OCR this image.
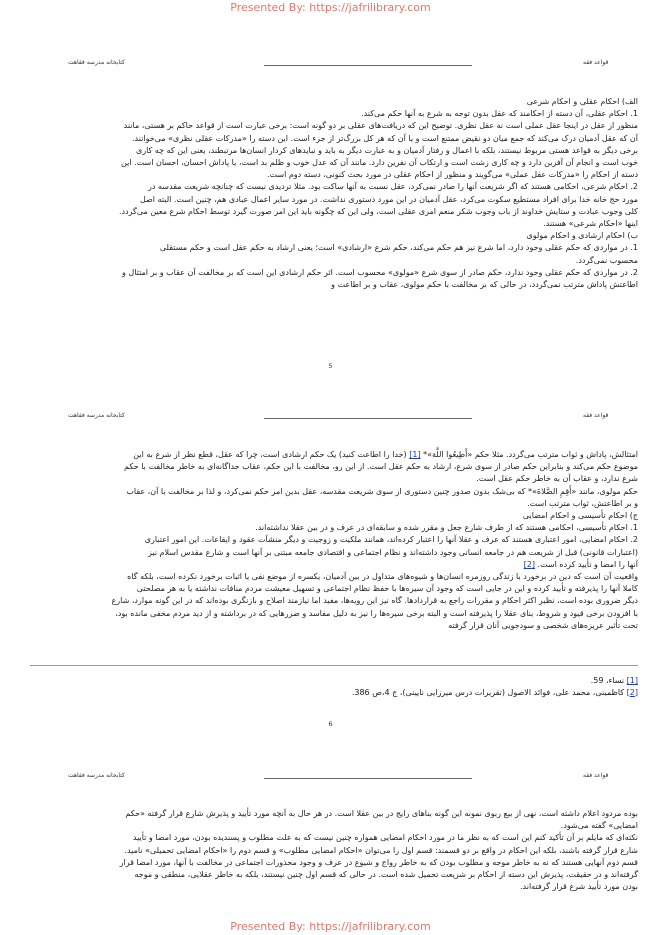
Presented By: https://jafrilibrary.com
کتابخانه مدرسه فقاهت	قواعد فقه

الف) احکام عقلی و احکام شرعی

1. احکام عقلی، آن دسته از احکامند که عقل بدون توجه به شرع به آنها حکم می‌کند.

منظور از عقل در اینجا عقل عملی است نه عقل نظری. توضیح این که دریافت‌های عقلی بر دو گونه است: برخی عبارت است از قواعد حاکم بر هستی، مانند

آن که عقل آدمیان درک می‌کند که جمع میان دو نقیض ممتنع است و یا آن که هر کل بزرگ‌تر از جزء است. این دسته را «مدرکات عقلی نظری» می‌خوانند.

برخی دیگر به قواعد هستی مربوط نیستند، بلکه با اعمال و رفتار آدمیان و به عبارت دیگر به باید و نبایدهای کردار انسان‌ها مرتبطند، یعنی این که چه کاری

خوب است و انجام آن آفرین دارد و چه کاری زشت است و ارتکاب آن نفرین دارد. مانند آن که عدل خوب و ظلم بد است، یا پاداش احسان، احسان است. این

دسته از احکام را «مدرکات عقل عملی» می‌گویند و منظور از احکام عقلی در مورد بحث کنونی، دسته دوم است.

2. احکام شرعی، احکامی هستند که اگر شریعت آنها را صادر نمی‌کرد، عقل نسبت به آنها ساکت بود. مثلا تردیدی نیست که چنانچه شریعت مقدسه در

مورد حج خانه خدا برای افراد مستطیع سکوت می‌کرد، عقل آدمیان در این مورد دستوری نداشت. در مورد سایر اعمال عبادی هم، چنین است. البته اصل

کلی وجوب عبادت و ستایش خداوند از باب وجوب شکر منعم امری عقلی است، ولی این که چگونه باید این امر صورت گیرد توسط احکام شرع معین می‌گردد.

اینها «احکام شرعی» هستند.

ب) احکام ارشادی و احکام مولوی

1. در مواردی که حکم عقلی وجود دارد، اما شرع نیز هم حکم می‌کند، حکم شرع «ارشادی» است؛ یعنی ارشاد به حکم عقل است و حکم مستقلی

محسوب نمی‌گردد.

2. در مواردی که حکم عقلی وجود ندارد، حکم صادر از سوی شرع «مولوی» محسوب است. اثر حکم ارشادی این است که بر مخالفت آن عقاب و بر امتثال و

اطاعتش پاداش مترتب نمی‌گردد، در حالی که بر مخالفت با حکم مولوی، عقاب و بر اطاعت و

5
کتابخانه مدرسه فقاهت	قواعد فقه

امتثالش، پاداش و ثواب مترتب می‌گردد. مثلا حکم «أَطِيعُوا اللَّهَ»* [1] (خدا را اطاعت کنید) یک حکم ارشادی است، چرا که عقل، قطع نظر از شرع به این

موضوع حکم می‌کند و بنابراین حکم صادر از سوی شرع، ارشاد به حکم عقل است. از این رو، مخالفت با این حکم، عقاب جداگانه‌ای به خاطر مخالفت با حکم

شرع ندارد، و عقاب آن به خاطر حکم عقل است.

حکم مولوی، مانند «أَقِمِ الصَّلاةَ»* که بی‌شک بدون صدور چنین دستوری از سوی شریعت مقدسه، عقل بدین امر حکم نمی‌کرد، و لذا بر مخالفت با آن، عقاب

و بر اطاعتش، ثواب مترتب است.

ج) احکام تأسیسی و احکام امضایی

1. احکام تأسیسی، احکامی هستند که از طرف شارع جعل و مقرر شده و سابقه‌ای در عرف و در بین عقلا نداشته‌اند.

2. احکام امضایی، امور اعتباری هستند که عرف و عقلا آنها را اعتبار کرده‌اند، همانند ملکیت و زوجیت و دیگر منشآت عقود و ایقاعات. این امور اعتباری

(اعتبارات قانونی) قبل از شریعت هم در جامعه انسانی وجود داشته‌اند و نظام اجتماعی و اقتصادی جامعه مبتنی بر آنها است و شارع مقدس اسلام نیز

آنها را امضا و تأیید کرده است. [2]

واقعیت آن است که دین در برخورد با زندگی روزمره انسان‌ها و شیوه‌های متداول در بین آدمیان، یکسره از موضع نفی یا اثبات برخورد نکرده است، بلکه گاه

کاملا آنها را پذیرفته و تأیید کرده و این در جایی است که وجود آن سیره‌ها با حفظ نظام اجتماعی و تسهیل معیشت مردم منافات نداشته یا به هر مصلحتی

دیگر ضروری بوده است، نظیر اکثر احکام و مقررات راجع به قراردادها. گاه نیز این رویه‌ها، مفید اما نیازمند اصلاح و بازنگری بوده‌اند که در این گونه موارد، شارع

با افزودن برخی قیود و شروط، بنای عقلا را پذیرفته است و البته برخی سیره‌ها را نیز به دلیل مفاسد و ضررهایی که در برداشته و از دید مردم مخفی مانده بود،

تحت تأثیر عریزه‌های شخصی و سودجویی آنان قرار گرفته

[1] نساء، 59.

[2] کاظمینی، محمد علی، فوائد الاصول (تقریرات درس میرزایی نایینی)، ج 4،ص 386.

6
کتابخانه مدرسه فقاهت	قواعد فقه

بوده مردود اعلام داشته است، نهی از بیع ربوی نمونه این گونه بناهای رایج در بین عقلا است. در هر حال به آنچه مورد تأیید و پذیرش شارع قرار گرفته «حکم

امضایی» گفته می‌شود.

نکته‌ای که مایلم بر آن تأکید کنم این است که به نظر ما در مورد احکام امضایی همواره چنین نیست که به علت مطلوب و پسندیده بودن، مورد امضا و تأیید

شارع قرار گرفته باشند، بلکه این احکام در واقع بر دو قسمند: قسم اول را می‌توان «احکام امضایی مطلوب» و قسم دوم را «احکام امضایی تحمیلی» نامید.

قسم دوم آنهایی هستند که نه به خاطر موجه و مطلوب بودن که به خاطر رواج و شیوع در عرف و وجود محذورات اجتماعی در مخالفت با آنها، مورد امضا قرار

گرفته‌اند و در حقیقت، پذیرش این دسته از احکام بر شریعت تحمیل شده است. در حالی که قسم اول چنین نیستند، بلکه به خاطر عقلایی، منطقی و موجه

بودن مورد تأیید شرع قرار گرفته‌اند.

Presented By: https://jafrilibrary.com
